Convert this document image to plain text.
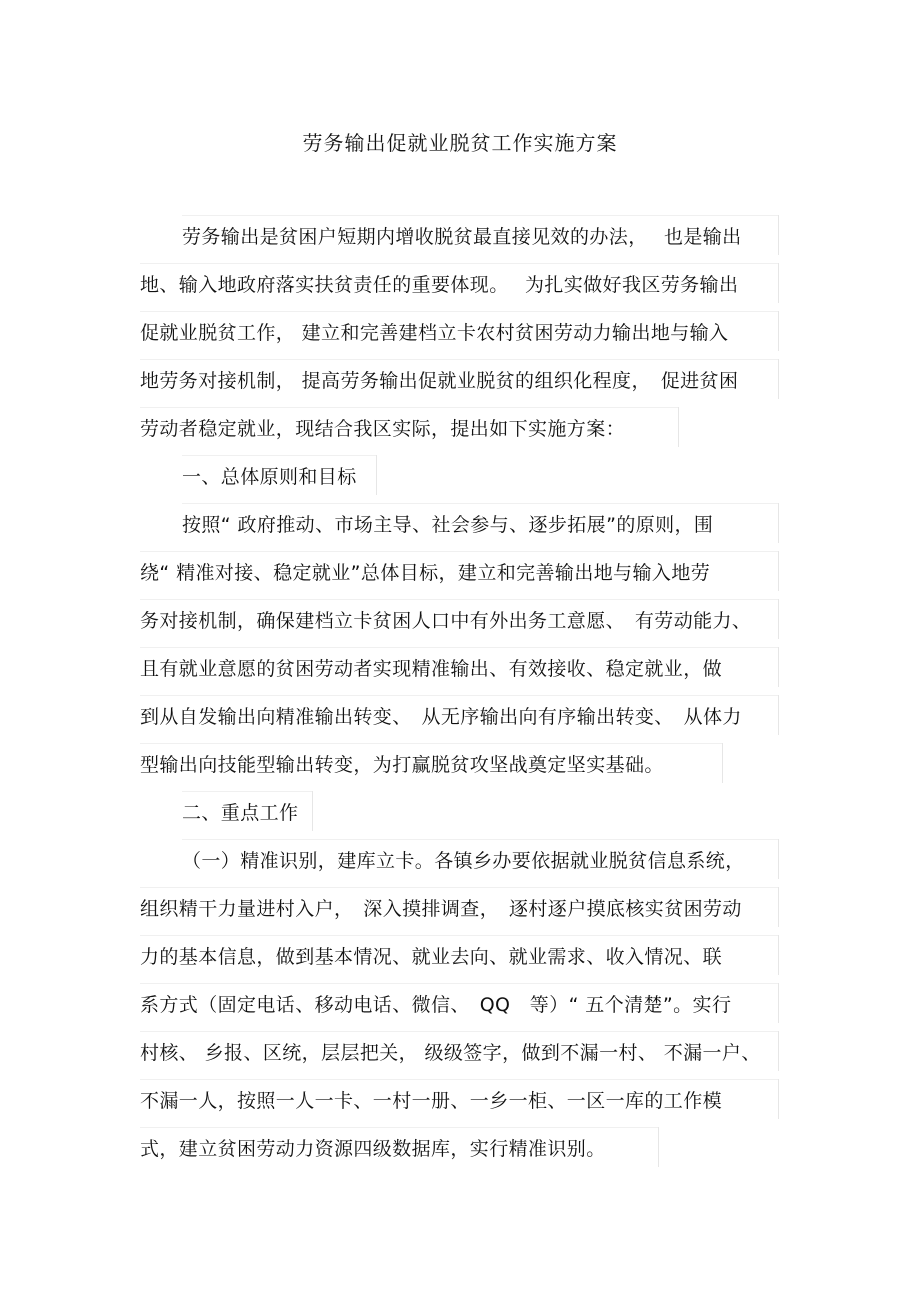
劳务输出促就业脱贫工作实施方案
劳务输出是贫困户短期内增收脱贫最直接见效的办法，　 也是输出
地、输入地政府落实扶贫责任的重要体现。　 为扎实做好我区劳务输出
促就业脱贫工作， 建立和完善建档立卡农村贫困劳动力输出地与输入
地劳务对接机制， 提高劳务输出促就业脱贫的组织化程度，　促进贫困
劳动者稳定就业，现结合我区实际，提出如下实施方案：
一、总体原则和目标
按照“ 政府推动、市场主导、社会参与、逐步拓展”的原则，围
绕“ 精准对接、稳定就业”总体目标，建立和完善输出地与输入地劳
务对接机制，确保建档立卡贫困人口中有外出务工意愿、　有劳动能力、
且有就业意愿的贫困劳动者实现精准输出、有效接收、稳定就业，做
到从自发输出向精准输出转变、　从无序输出向有序输出转变、　从体力
型输出向技能型输出转变，为打赢脱贫攻坚战奠定坚实基础。
二、重点工作
（一）精准识别，建库立卡。各镇乡办要依据就业脱贫信息系统，
组织精干力量进村入户，　深入摸排调查，　逐村逐户摸底核实贫困劳动
力的基本信息，做到基本情况、就业去向、就业需求、收入情况、联
系方式（固定电话、移动电话、微信、　QQ　等）“ 五个清楚”。实行
村核、 乡报、区统，层层把关， 级级签字，做到不漏一村、 不漏一户、
不漏一人，按照一人一卡、一村一册、一乡一柜、一区一库的工作模
式，建立贫困劳动力资源四级数据库，实行精准识别。
